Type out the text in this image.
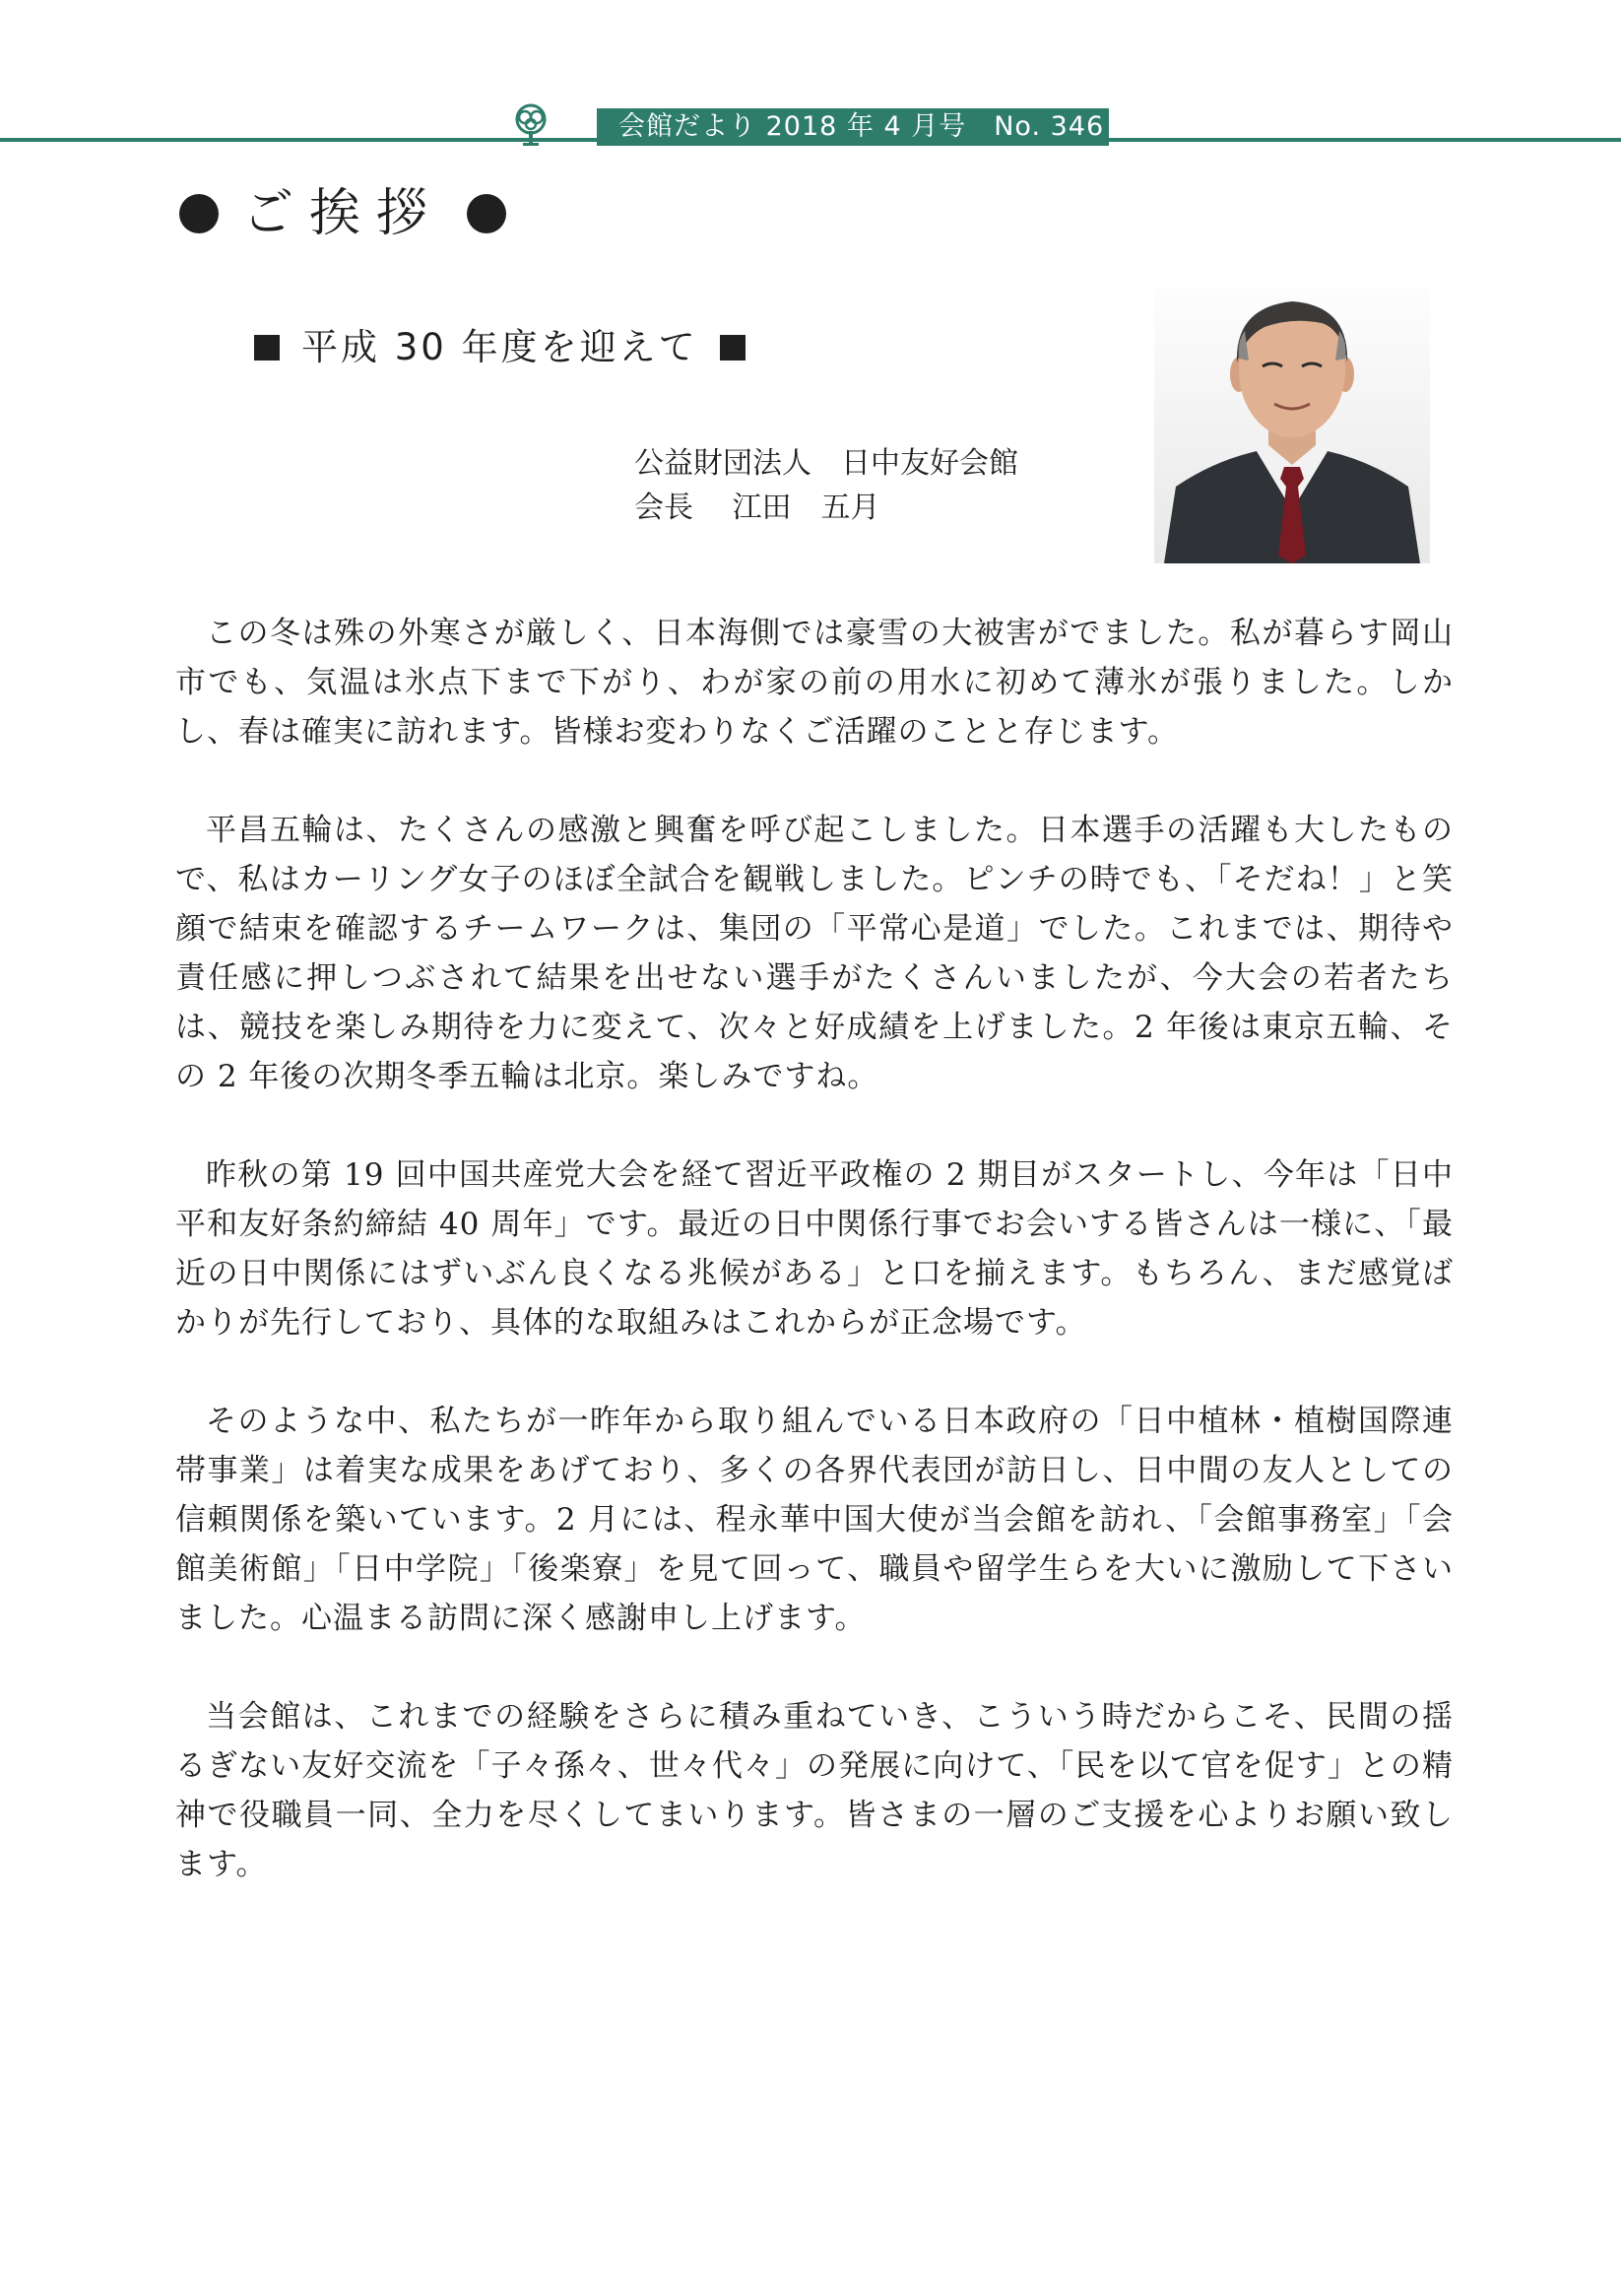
会館だより 2018 年 4 月号　No. 346
ご挨拶
平成 30 年度を迎えて
公益財団法人　日中友好会館
会長　 江田　五月

この冬は殊の外寒さが厳しく、日本海側では豪雪の大被害がでました。私が暮らす岡山市でも、気温は氷点下まで下がり、わが家の前の用水に初めて薄氷が張りました。しかし、春は確実に訪れます。皆様お変わりなくご活躍のことと存じます。

平昌五輪は、たくさんの感激と興奮を呼び起こしました。日本選手の活躍も大したもので、私はカーリング女子のほぼ全試合を観戦しました。ピンチの時でも、「そだね！」と笑顔で結束を確認するチームワークは、集団の「平常心是道」でした。これまでは、期待や責任感に押しつぶされて結果を出せない選手がたくさんいましたが、今大会の若者たちは、競技を楽しみ期待を力に変えて、次々と好成績を上げました。2 年後は東京五輪、その 2 年後の次期冬季五輪は北京。楽しみですね。

昨秋の第 19 回中国共産党大会を経て習近平政権の 2 期目がスタートし、今年は「日中平和友好条約締結 40 周年」です。最近の日中関係行事でお会いする皆さんは一様に、「最近の日中関係にはずいぶん良くなる兆候がある」と口を揃えます。もちろん、まだ感覚ばかりが先行しており、具体的な取組みはこれからが正念場です。

そのような中、私たちが一昨年から取り組んでいる日本政府の「日中植林・植樹国際連帯事業」は着実な成果をあげており、多くの各界代表団が訪日し、日中間の友人としての信頼関係を築いています。2 月には、程永華中国大使が当会館を訪れ、「会館事務室」「会館美術館」「日中学院」「後楽寮」を見て回って、職員や留学生らを大いに激励して下さいました。心温まる訪問に深く感謝申し上げます。

当会館は、これまでの経験をさらに積み重ねていき、こういう時だからこそ、民間の揺るぎない友好交流を「子々孫々、世々代々」の発展に向けて、「民を以て官を促す」との精神で役職員一同、全力を尽くしてまいります。皆さまの一層のご支援を心よりお願い致します。
